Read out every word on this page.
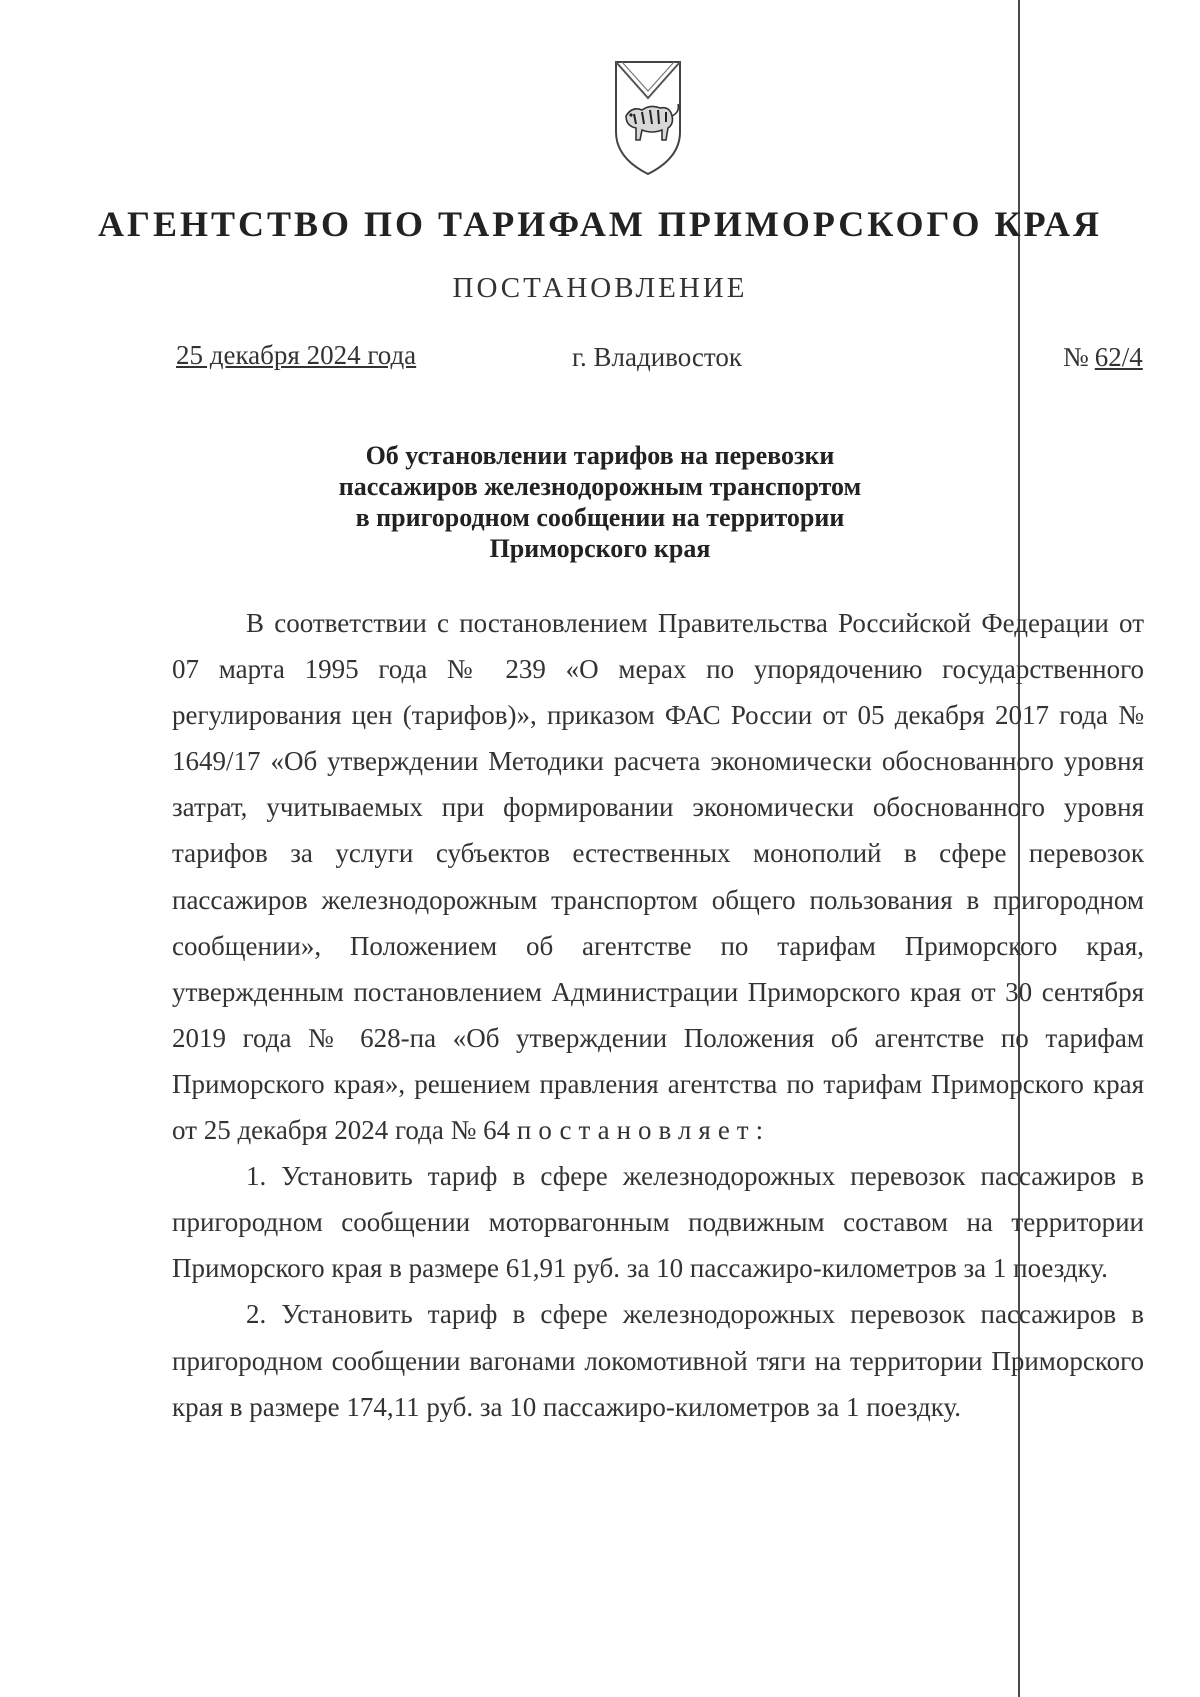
АГЕНТСТВО ПО ТАРИФАМ ПРИМОРСКОГО КРАЯ
ПОСТАНОВЛЕНИЕ
25 декабря 2024 года	г. Владивосток	№ 62/4
Об установлении тарифов на перевозки
пассажиров железнодорожным транспортом
в пригородном сообщении на территории
Приморского края

В соответствии с постановлением Правительства Российской Федерации от 07 марта 1995 года № 239 «О мерах по упорядочению государственного регулирования цен (тарифов)», приказом ФАС России от 05 декабря 2017 года № 1649/17 «Об утверждении Методики расчета экономически обоснованного уровня затрат, учитываемых при формировании экономически обоснованного уровня тарифов за услуги субъектов естественных монополий в сфере перевозок пассажиров железнодорожным транспортом общего пользования в пригородном сообщении», Положением об агентстве по тарифам Приморского края, утвержденным постановлением Администрации Приморского края от 30 сентября 2019 года № 628-па «Об утверждении Положения об агентстве по тарифам Приморского края», решением правления агентства по тарифам Приморского края от 25 декабря 2024 года № 64 постановляет:

1. Установить тариф в сфере железнодорожных перевозок пассажиров в пригородном сообщении моторвагонным подвижным составом на территории Приморского края в размере 61,91 руб. за 10 пассажиро-километров за 1 поездку.

2. Установить тариф в сфере железнодорожных перевозок пассажиров в пригородном сообщении вагонами локомотивной тяги на территории Приморского края в размере 174,11 руб. за 10 пассажиро-километров за 1 поездку.
